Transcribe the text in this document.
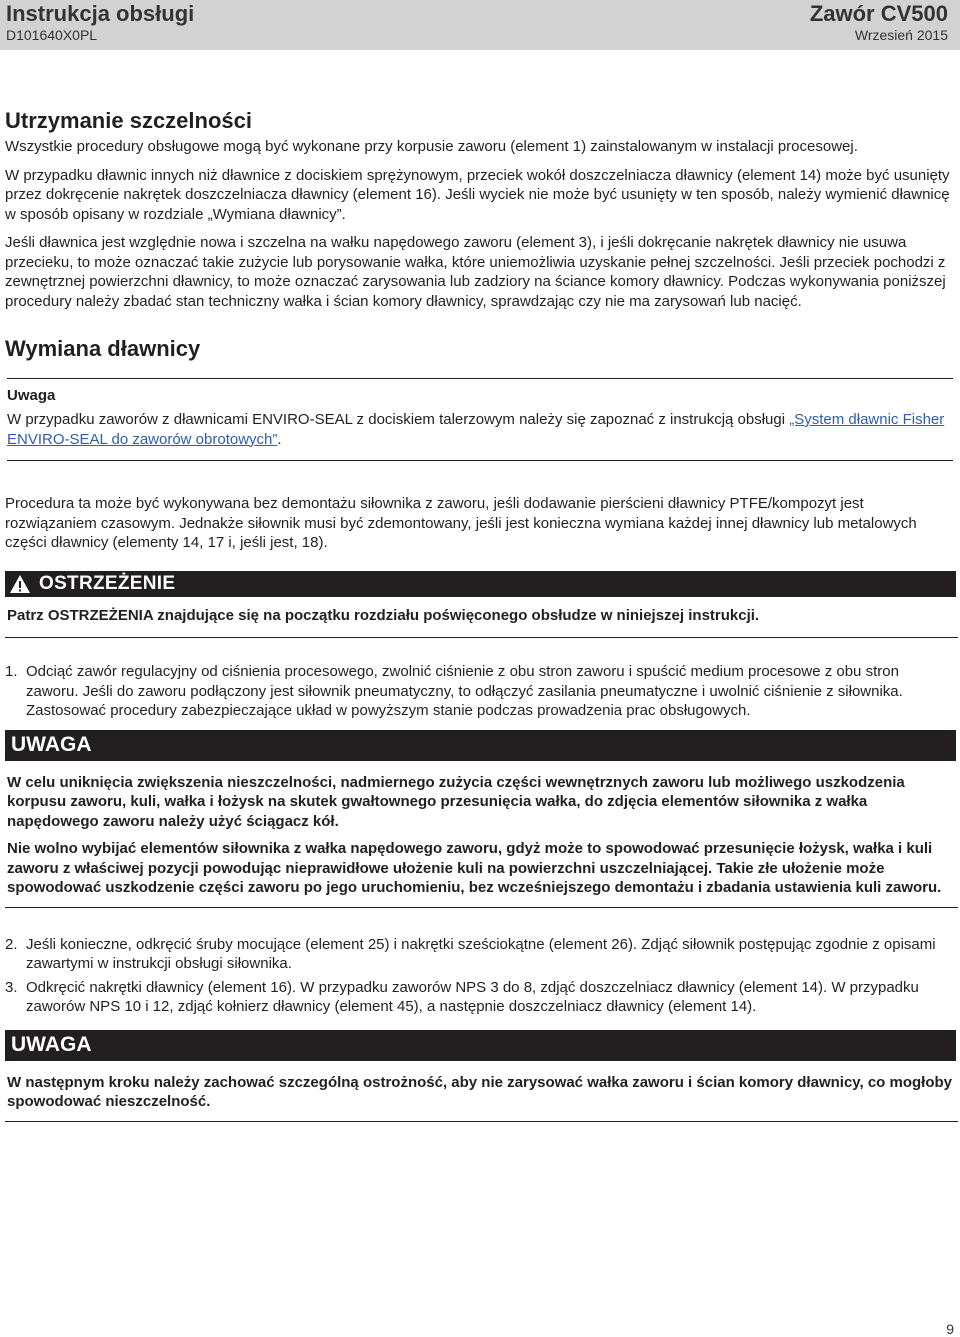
Instrukcja obsługi
D101640X0PL
Zawór CV500
Wrzesień 2015
Utrzymanie szczelności

Wszystkie procedury obsługowe mogą być wykonane przy korpusie zaworu (element 1) zainstalowanym w instalacji procesowej.

W przypadku dławnic innych niż dławnice z dociskiem sprężynowym, przeciek wokół doszczelniacza dławnicy (element 14) może być usunięty przez dokręcenie nakrętek doszczelniacza dławnicy (element 16). Jeśli wyciek nie może być usunięty w ten sposób, należy wymienić dławnicę w sposób opisany w rozdziale „Wymiana dławnicy”.

Jeśli dławnica jest względnie nowa i szczelna na wałku napędowego zaworu (element 3), i jeśli dokręcanie nakrętek dławnicy nie usuwa przecieku, to może oznaczać takie zużycie lub porysowanie wałka, które uniemożliwia uzyskanie pełnej szczelności. Jeśli przeciek pochodzi z zewnętrznej powierzchni dławnicy, to może oznaczać zarysowania lub zadziory na ściance komory dławnicy. Podczas wykonywania poniższej procedury należy zbadać stan techniczny wałka i ścian komory dławnicy, sprawdzając czy nie ma zarysowań lub nacięć.

Wymiana dławnicy
Uwaga

W przypadku zaworów z dławnicami ENVIRO-SEAL z dociskiem talerzowym należy się zapoznać z instrukcją obsługi „System dławnic Fisher ENVIRO-SEAL do zaworów obrotowych”.

Procedura ta może być wykonywana bez demontażu siłownika z zaworu, jeśli dodawanie pierścieni dławnicy PTFE/kompozyt jest rozwiązaniem czasowym. Jednakże siłownik musi być zdemontowany, jeśli jest konieczna wymiana każdej innej dławnicy lub metalowych części dławnicy (elementy 14, 17 i, jeśli jest, 18).

OSTRZEŻENIE
Patrz OSTRZEŻENIA znajdujące się na początku rozdziału poświęconego obsłudze w niniejszej instrukcji.
1. Odciąć zawór regulacyjny od ciśnienia procesowego, zwolnić ciśnienie z obu stron zaworu i spuścić medium procesowe z obu stron zaworu. Jeśli do zaworu podłączony jest siłownik pneumatyczny, to odłączyć zasilania pneumatyczne i uwolnić ciśnienie z siłownika. Zastosować procedury zabezpieczające układ w powyższym stanie podczas prowadzenia prac obsługowych.
UWAGA

W celu uniknięcia zwiększenia nieszczelności, nadmiernego zużycia części wewnętrznych zaworu lub możliwego uszkodzenia korpusu zaworu, kuli, wałka i łożysk na skutek gwałtownego przesunięcia wałka, do zdjęcia elementów siłownika z wałka napędowego zaworu należy użyć ściągacz kół.

Nie wolno wybijać elementów siłownika z wałka napędowego zaworu, gdyż może to spowodować przesunięcie łożysk, wałka i kuli zaworu z właściwej pozycji powodując nieprawidłowe ułożenie kuli na powierzchni uszczelniającej. Takie złe ułożenie może spowodować uszkodzenie części zaworu po jego uruchomieniu, bez wcześniejszego demontażu i zbadania ustawienia kuli zaworu.

2. Jeśli konieczne, odkręcić śruby mocujące (element 25) i nakrętki sześciokątne (element 26). Zdjąć siłownik postępując zgodnie z opisami zawartymi w instrukcji obsługi siłownika.
3. Odkręcić nakrętki dławnicy (element 16). W przypadku zaworów NPS 3 do 8, zdjąć doszczelniacz dławnicy (element 14). W przypadku zaworów NPS 10 i 12, zdjąć kołnierz dławnicy (element 45), a następnie doszczelniacz dławnicy (element 14).
UWAGA

W następnym kroku należy zachować szczególną ostrożność, aby nie zarysować wałka zaworu i ścian komory dławnicy, co mogłoby spowodować nieszczelność.

9
